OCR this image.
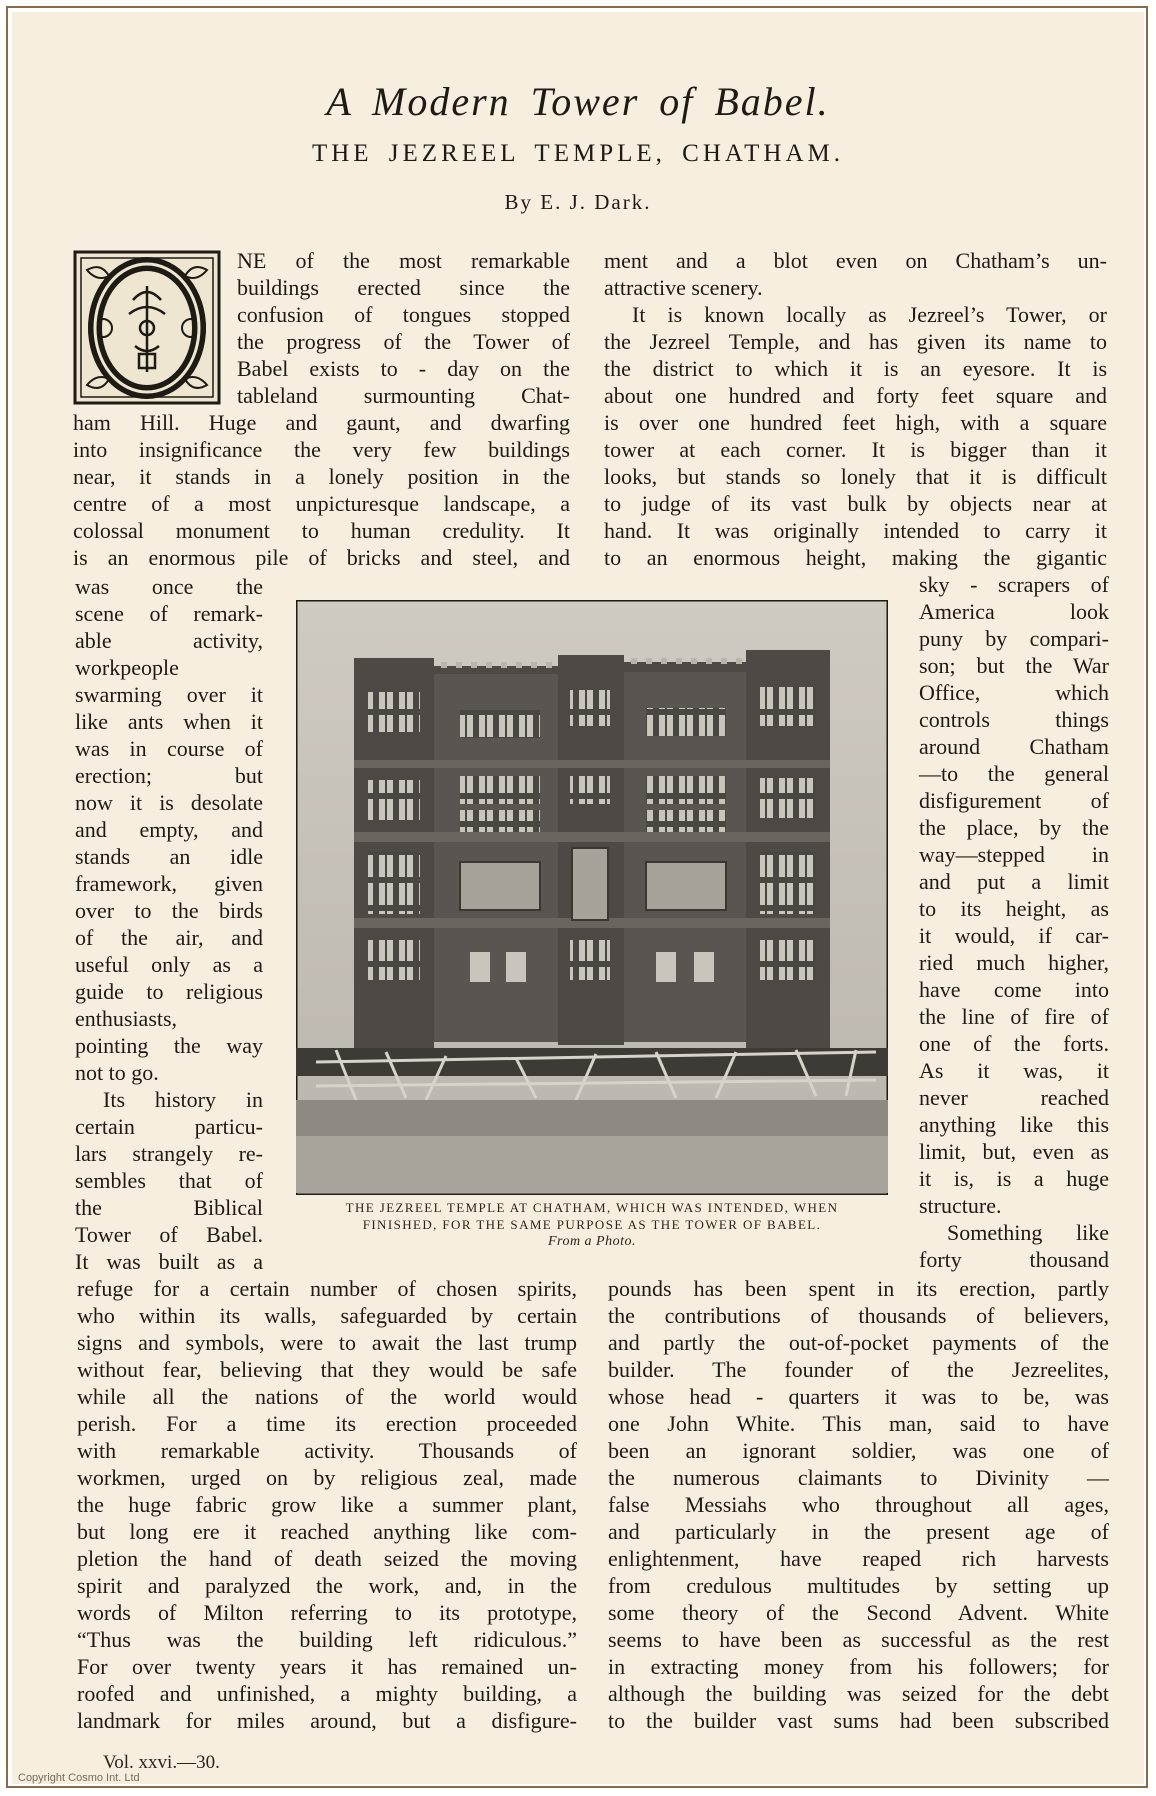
A Modern Tower of Babel.
THE JEZREEL TEMPLE, CHATHAM.
By E. J. Dark.
NE of the most remarkable
buildings erected since the
confusion of tongues stopped
the progress of the Tower of
Babel exists to - day on the
tableland surmounting Chat-
ham Hill. Huge and gaunt, and dwarfing
into insignificance the very few buildings
near, it stands in a lonely position in the
centre of a most unpicturesque landscape, a
colossal monument to human credulity. It
is an enormous pile of bricks and steel, and
was once the
scene of remark-
able activity,
workpeople
swarming over it
like ants when it
was in course of
erection; but
now it is desolate
and empty, and
stands an idle
framework, given
over to the birds
of the air, and
useful only as a
guide to religious
enthusiasts,
pointing the way
not to go.
Its history in
certain particu-
lars strangely re-
sembles that of
the Biblical
Tower of Babel.
It was built as a
refuge for a certain number of chosen spirits,
who within its walls, safeguarded by certain
signs and symbols, were to await the last trump
without fear, believing that they would be safe
while all the nations of the world would
perish. For a time its erection proceeded
with remarkable activity. Thousands of
workmen, urged on by religious zeal, made
the huge fabric grow like a summer plant,
but long ere it reached anything like com-
pletion the hand of death seized the moving
spirit and paralyzed the work, and, in the
words of Milton referring to its prototype,
“Thus was the building left ridiculous.”
For over twenty years it has remained un-
roofed and unfinished, a mighty building, a
landmark for miles around, but a disfigure-
ment and a blot even on Chatham’s un-
attractive scenery.
It is known locally as Jezreel’s Tower, or
the Jezreel Temple, and has given its name to
the district to which it is an eyesore. It is
about one hundred and forty feet square and
is over one hundred feet high, with a square
tower at each corner. It is bigger than it
looks, but stands so lonely that it is difficult
to judge of its vast bulk by objects near at
hand. It was originally intended to carry it
to an enormous height, making the gigantic
sky - scrapers of
America look
puny by compari-
son; but the War
Office, which
controls things
around Chatham
—to the general
disfigurement of
the place, by the
way—stepped in
and put a limit
to its height, as
it would, if car-
ried much higher,
have come into
the line of fire of
one of the forts.
As it was, it
never reached
anything like this
limit, but, even as
it is, is a huge
structure.
Something like
forty thousand
pounds has been spent in its erection, partly
the contributions of thousands of believers,
and partly the out-of-pocket payments of the
builder. The founder of the Jezreelites,
whose head - quarters it was to be, was
one John White. This man, said to have
been an ignorant soldier, was one of
the numerous claimants to Divinity —
false Messiahs who throughout all ages,
and particularly in the present age of
enlightenment, have reaped rich harvests
from credulous multitudes by setting up
some theory of the Second Advent. White
seems to have been as successful as the rest
in extracting money from his followers; for
although the building was seized for the debt
to the builder vast sums had been subscribed
THE JEZREEL TEMPLE AT CHATHAM, WHICH WAS INTENDED, WHEN
FINISHED, FOR THE SAME PURPOSE AS THE TOWER OF BABEL.
From a Photo.
Vol. xxvi.—30.
Copyright Cosmo Int. Ltd
